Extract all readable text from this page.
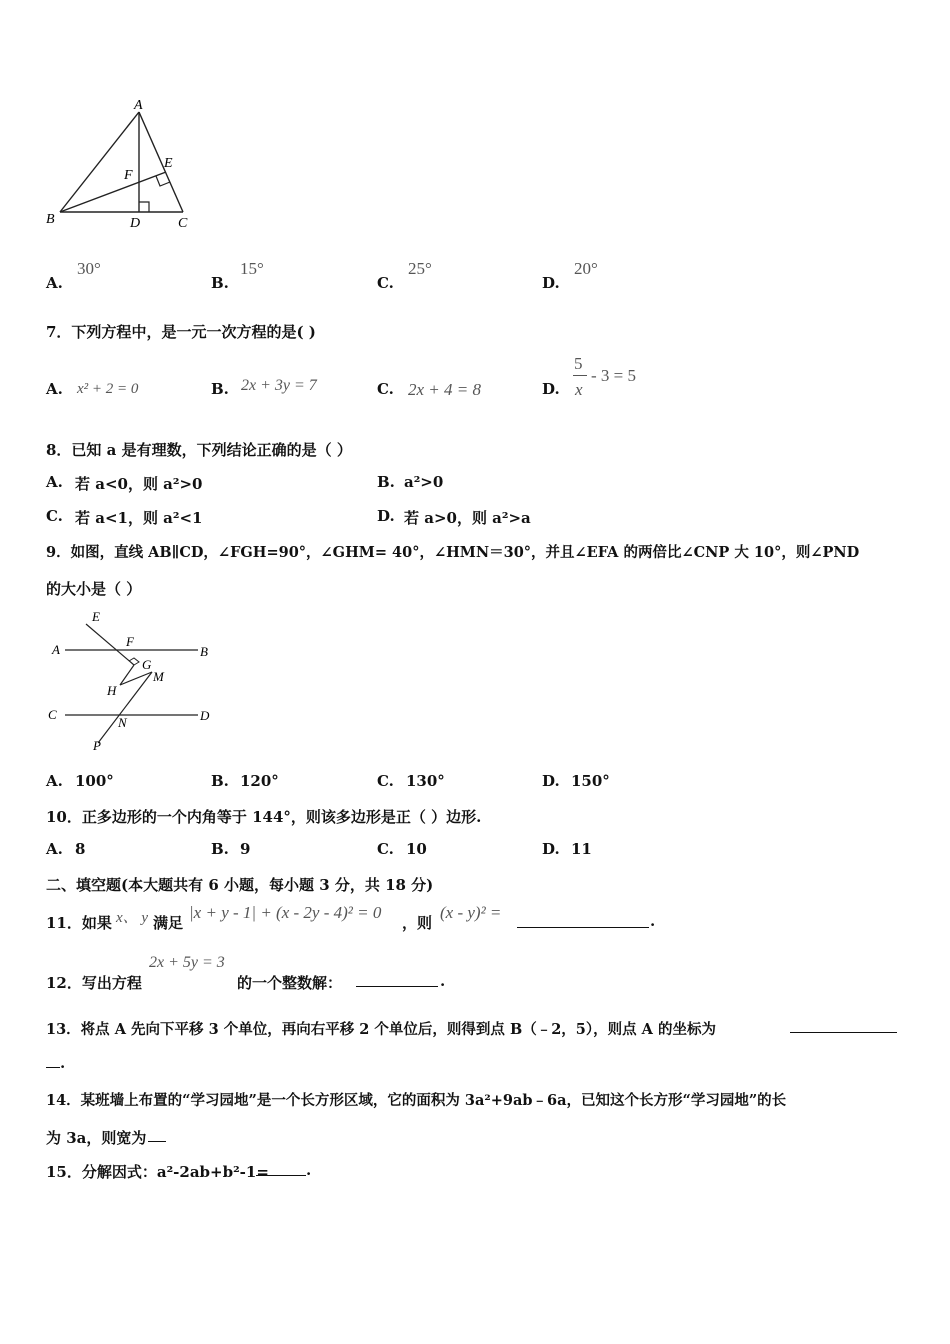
A
B	C
D
E
F
A.
30°
B.
15°
C.
25°
D.
20°
7．下列方程中，是一元一次方程的是( )
A. x² + 2 = 0	B. 2x + 3y = 7	C. 2x + 4 = 8	D.
5
x
- 3 = 5
8．已知 a 是有理数，下列结论正确的是（ ）
A. 若 a<0，则 a²>0	B. a²>0
C. 若 a<1，则 a²<1	D. 若 a>0，则 a²>a
9．如图，直线 AB∥CD，∠FGH=90°，∠GHM= 40°，∠HMN＝30°，并且∠EFA 的两倍比∠CNP 大 10°，则∠PND
的大小是（ ）
E
A
F
B
G
M
H
C
N	D
P
A. 100°	B. 120°	C. 130°	D. 150°
10．正多边形的一个内角等于 144°，则该多边形是正（ ）边形.
A. 8	B. 9	C. 10	D. 11
二、填空题(本大题共有 6 小题，每小题 3 分，共 18 分)
11．如果 x、 y 满足
|x + y - 1| + (x - 2y - 4)² = 0
，则
(x - y)² =	.
12．写出方程
2x + 5y = 3
的一个整数解：	.
13．将点 A 先向下平移 3 个单位，再向右平移 2 个单位后，则得到点 B（﹣2，5），则点 A 的坐标为
.
14．某班墙上布置的“学习园地”是一个长方形区域，它的面积为 3a²+9ab﹣6a，已知这个长方形“学习园地”的长
为 3a，则宽为
15．分解因式：a²-2ab+b²-1= .
